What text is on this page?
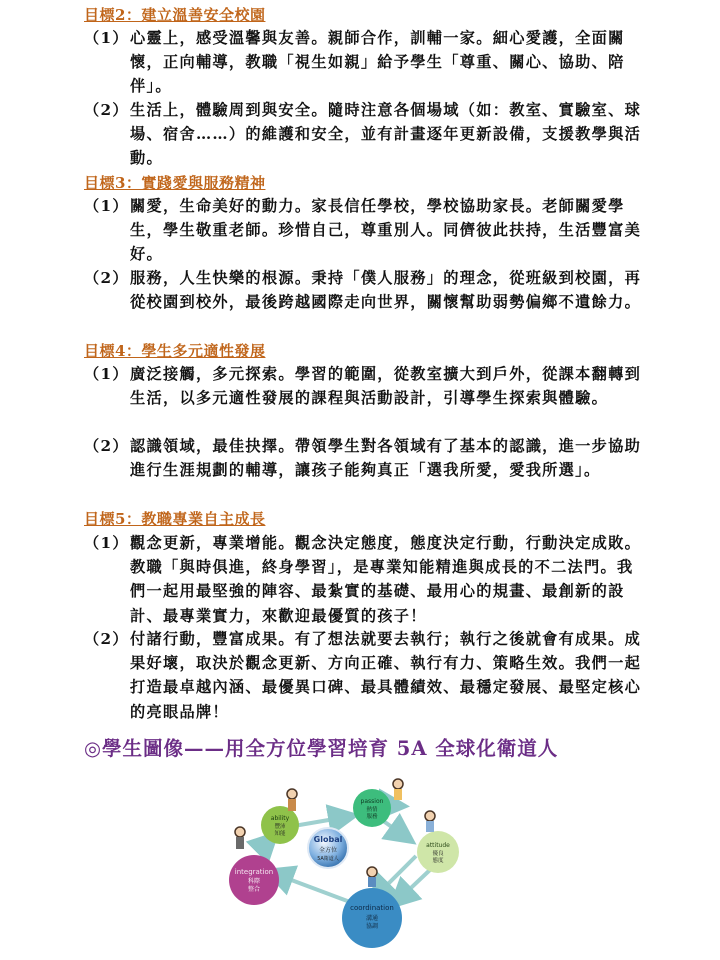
目標2：建立溫善安全校園
（1） 心靈上，感受溫馨與友善。親師合作，訓輔一家。細心愛護，全面關懷，正向輔導，教職「視生如親」給予學生「尊重、關心、協助、陪伴」。
（2） 生活上，體驗周到與安全。隨時注意各個場域（如：教室、實驗室、球場、宿舍……）的維護和安全，並有計畫逐年更新設備，支援教學與活動。
目標3：實踐愛與服務精神
（1） 關愛，生命美好的動力。家長信任學校，學校協助家長。老師關愛學生，學生敬重老師。珍惜自己，尊重別人。同儕彼此扶持，生活豐富美好。
（2） 服務，人生快樂的根源。秉持「僕人服務」的理念，從班級到校園，再從校園到校外，最後跨越國際走向世界，關懷幫助弱勢偏鄉不遺餘力。
目標4：學生多元適性發展
（1） 廣泛接觸，多元探索。學習的範圍，從教室擴大到戶外，從課本翻轉到生活，以多元適性發展的課程與活動設計，引導學生探索與體驗。
（2） 認識領域，最佳抉擇。帶領學生對各領域有了基本的認識，進一步協助進行生涯規劃的輔導，讓孩子能夠真正「選我所愛，愛我所選」。
目標5：教職專業自主成長
（1） 觀念更新，專業增能。觀念決定態度，態度決定行動，行動決定成敗。教職「與時俱進，終身學習」，是專業知能精進與成長的不二法門。我們一起用最堅強的陣容、最紮實的基礎、最用心的規畫、最創新的設計、最專業實力，來歡迎最優質的孩子！
（2） 付諸行動，豐富成果。有了想法就要去執行；執行之後就會有成果。成果好壞，取決於觀念更新、方向正確、執行有力、策略生效。我們一起打造最卓越內涵、最優異口碑、最具體績效、最穩定發展、最堅定核心的亮眼品牌！
◎學生圖像——用全方位學習培育 5A 全球化衛道人
Global
全方位
5A衛道人
ability
豐沛
知能
passion
熱情
服務
attitude
優良
態度
coordination
溝通
協調
integration
科際
整合
